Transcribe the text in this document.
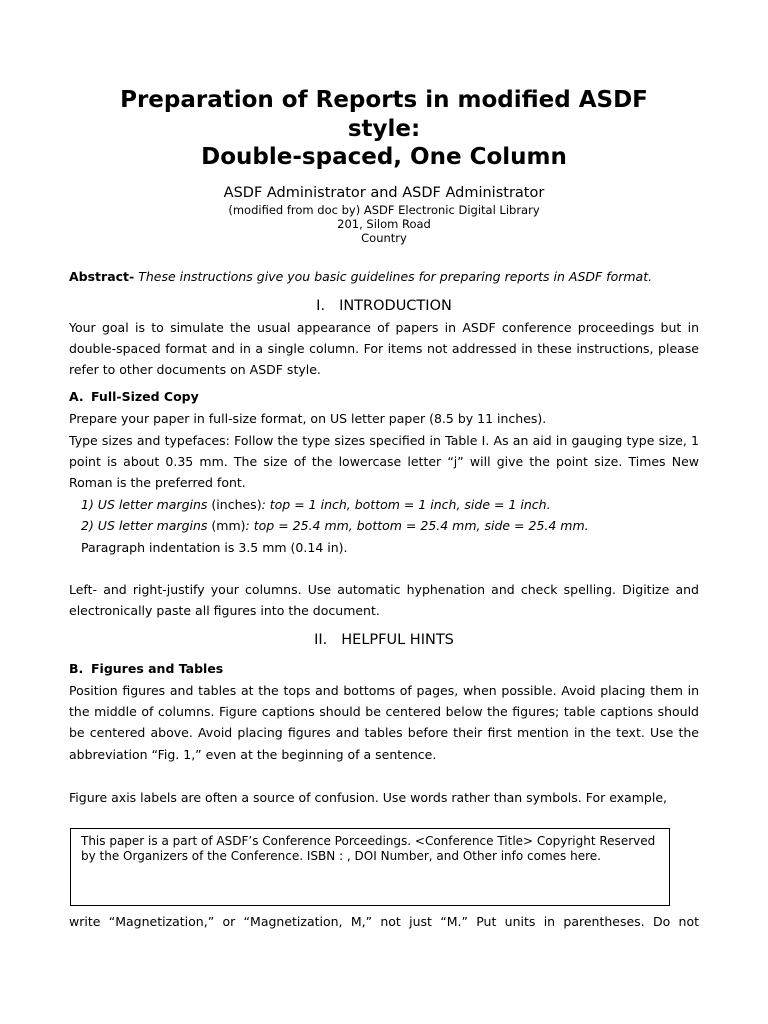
Preparation of Reports in modified ASDF
style:
Double-spaced, One Column
ASDF Administrator and ASDF Administrator
(modified from doc by) ASDF Electronic Digital Library
201, Silom Road
Country
Abstract- These instructions give you basic guidelines for preparing reports in ASDF format.
I. INTRODUCTION
Your goal is to simulate the usual appearance of papers in ASDF conference proceedings but in double-spaced format and in a single column. For items not addressed in these instructions, please refer to other documents on ASDF style.
A. Full-Sized Copy
Prepare your paper in full-size format, on US letter paper (8.5 by 11 inches).
Type sizes and typefaces: Follow the type sizes specified in Table I. As an aid in gauging type size, 1 point is about 0.35 mm. The size of the lowercase letter “j” will give the point size. Times New Roman is the preferred font.
1) US letter margins (inches): top = 1 inch, bottom = 1 inch, side = 1 inch.
2) US letter margins (mm): top = 25.4 mm, bottom = 25.4 mm, side = 25.4 mm.
Paragraph indentation is 3.5 mm (0.14 in).
Left- and right-justify your columns. Use automatic hyphenation and check spelling. Digitize and electronically paste all figures into the document.
II. HELPFUL HINTS
B. Figures and Tables
Position figures and tables at the tops and bottoms of pages, when possible. Avoid placing them in the middle of columns. Figure captions should be centered below the figures; table captions should be centered above. Avoid placing figures and tables before their first mention in the text. Use the abbreviation “Fig. 1,” even at the beginning of a sentence.
Figure axis labels are often a source of confusion. Use words rather than symbols. For example,
This paper is a part of ASDF’s Conference Porceedings. <Conference Title> Copyright Reserved by the Organizers of the Conference. ISBN : , DOI Number, and Other info comes here.
write “Magnetization,” or “Magnetization, M,” not just “M.” Put units in parentheses. Do not
